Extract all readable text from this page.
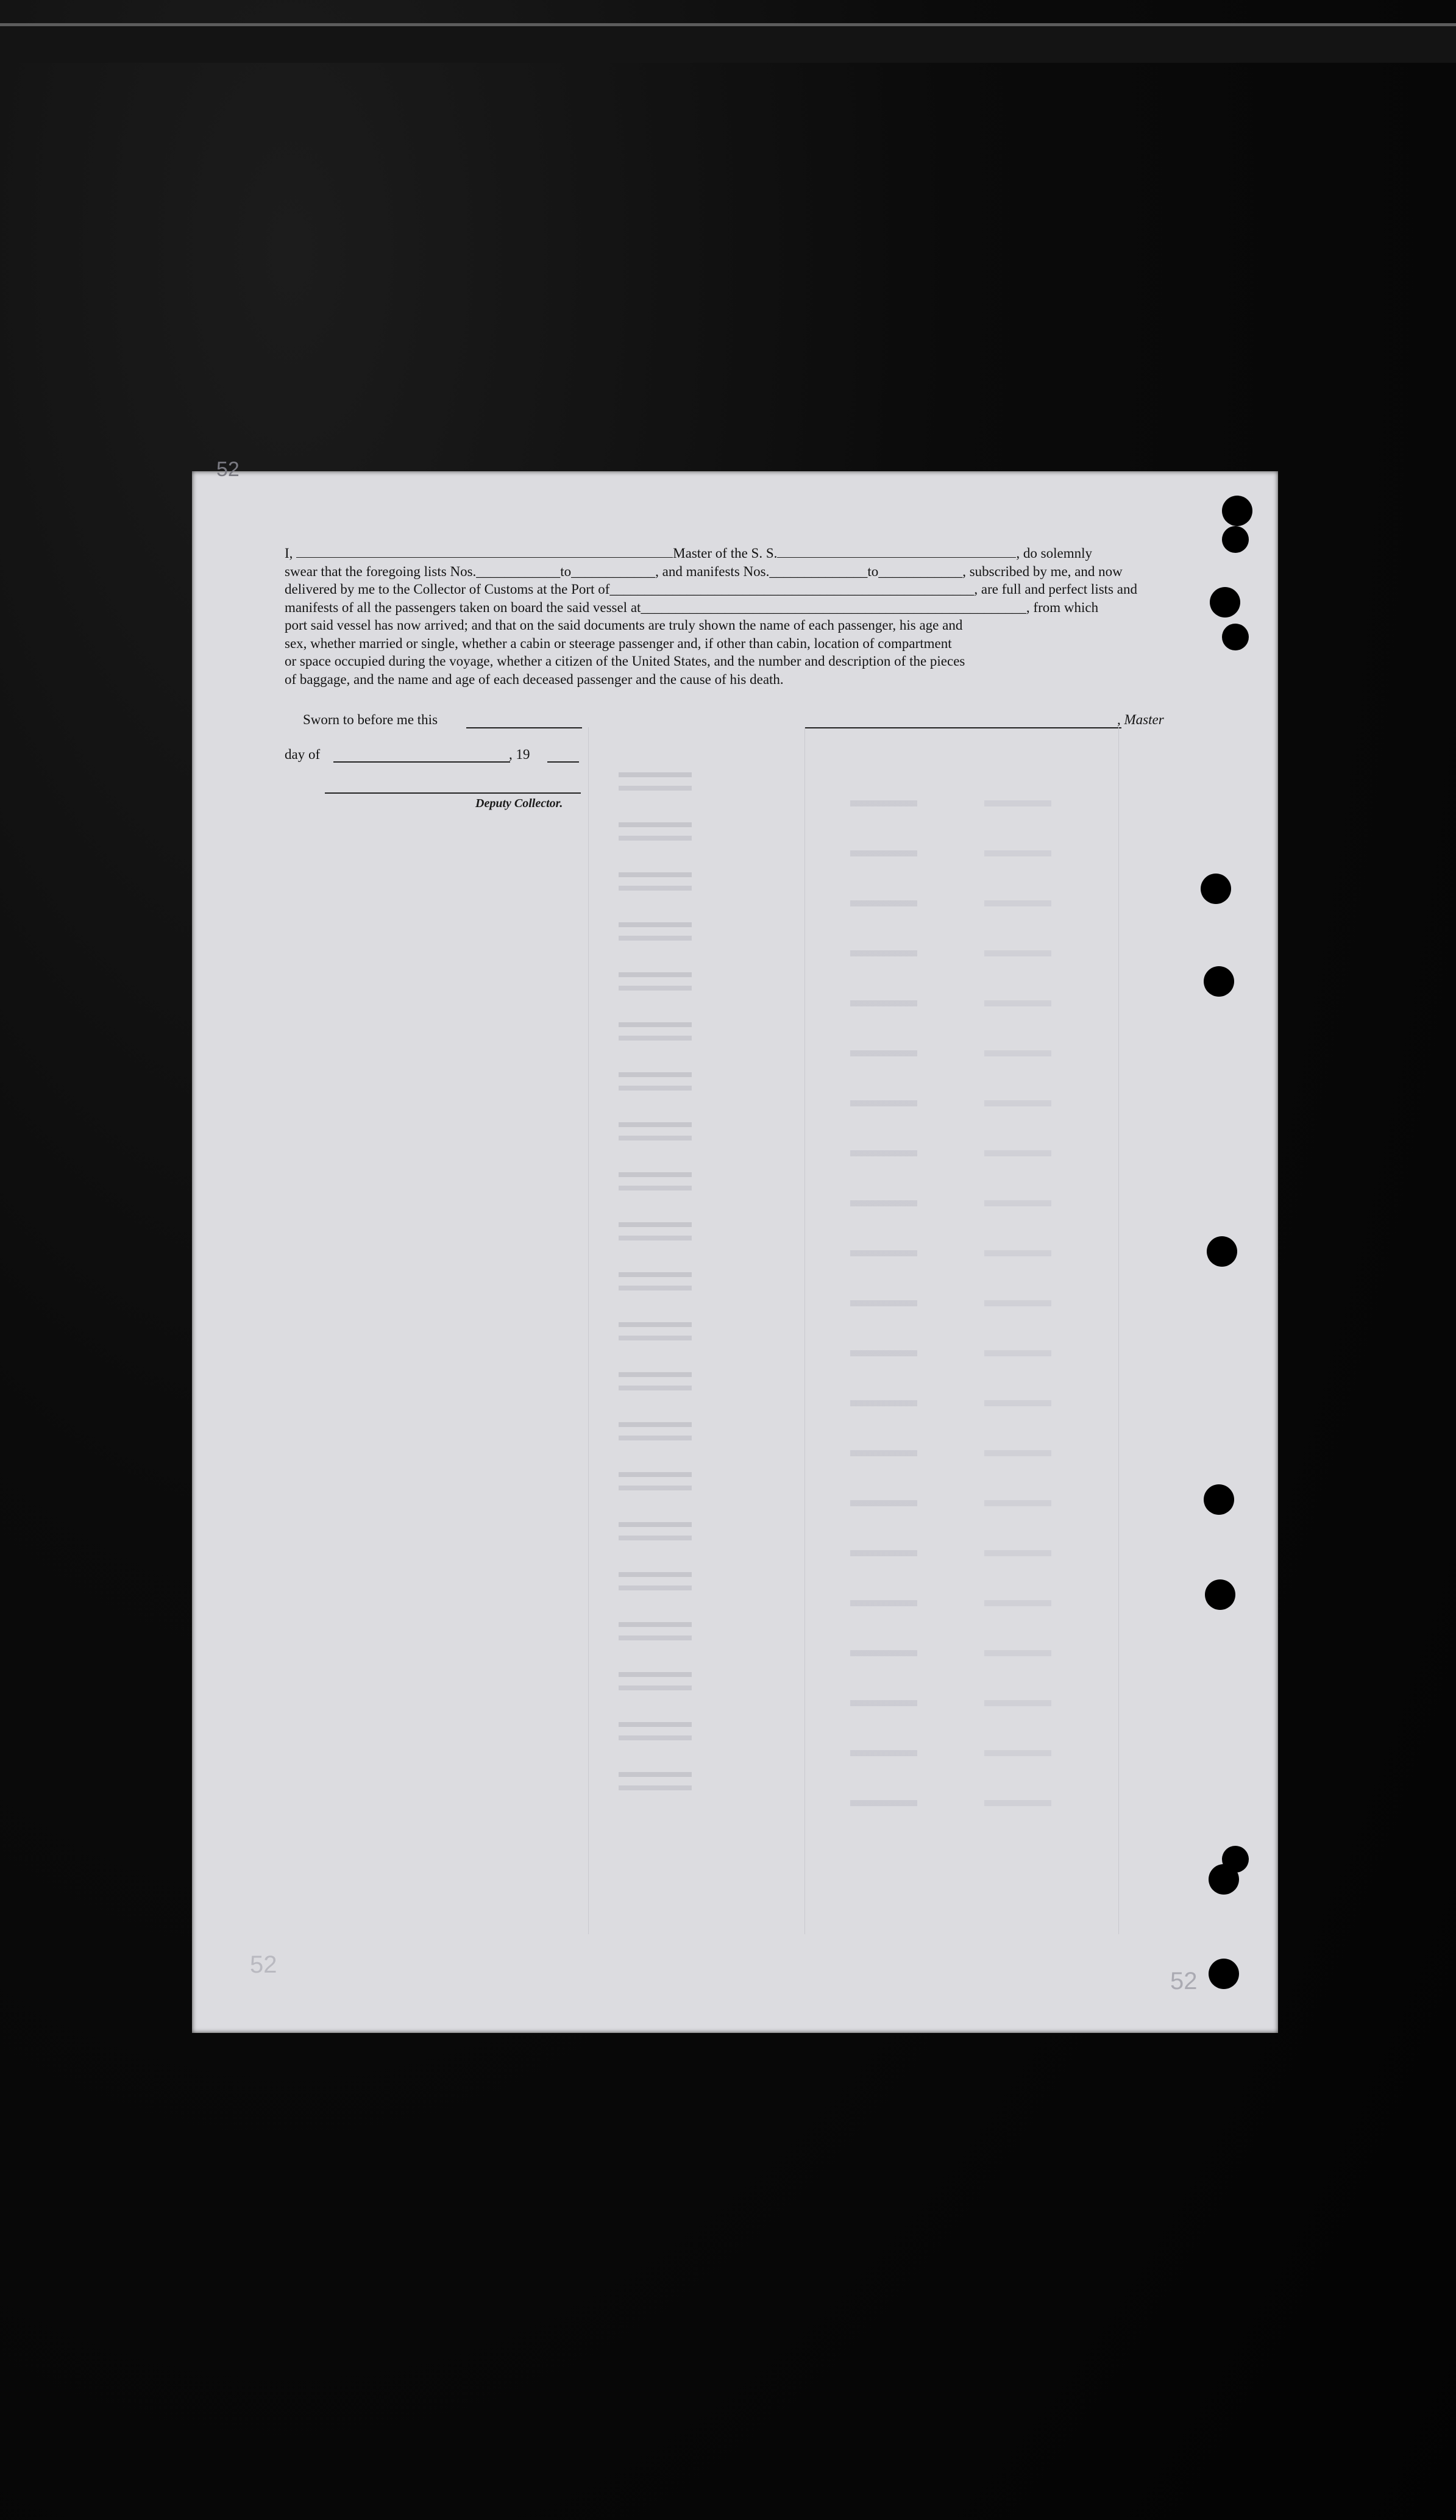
52
I,	Master of the S. S.	, do solemnly
swear that the foregoing lists Nos.____________to____________, and manifests Nos.______________to____________, subscribed by me, and now
delivered by me to the Collector of Customs at the Port of____________________________________________________, are full and perfect lists and
manifests of all the passengers taken on board the said vessel at_______________________________________________________, from which
port said vessel has now arrived; and that on the said documents are truly shown the name of each passenger, his age and
sex, whether married or single, whether a cabin or steerage passenger and, if other than cabin, location of compartment
or space occupied during the voyage, whether a citizen of the United States, and the number and description of the pieces
of baggage, and the name and age of each deceased passenger and the cause of his death.
Sworn to before me this
day of	, 19
Deputy Collector.
, Master
52
52
